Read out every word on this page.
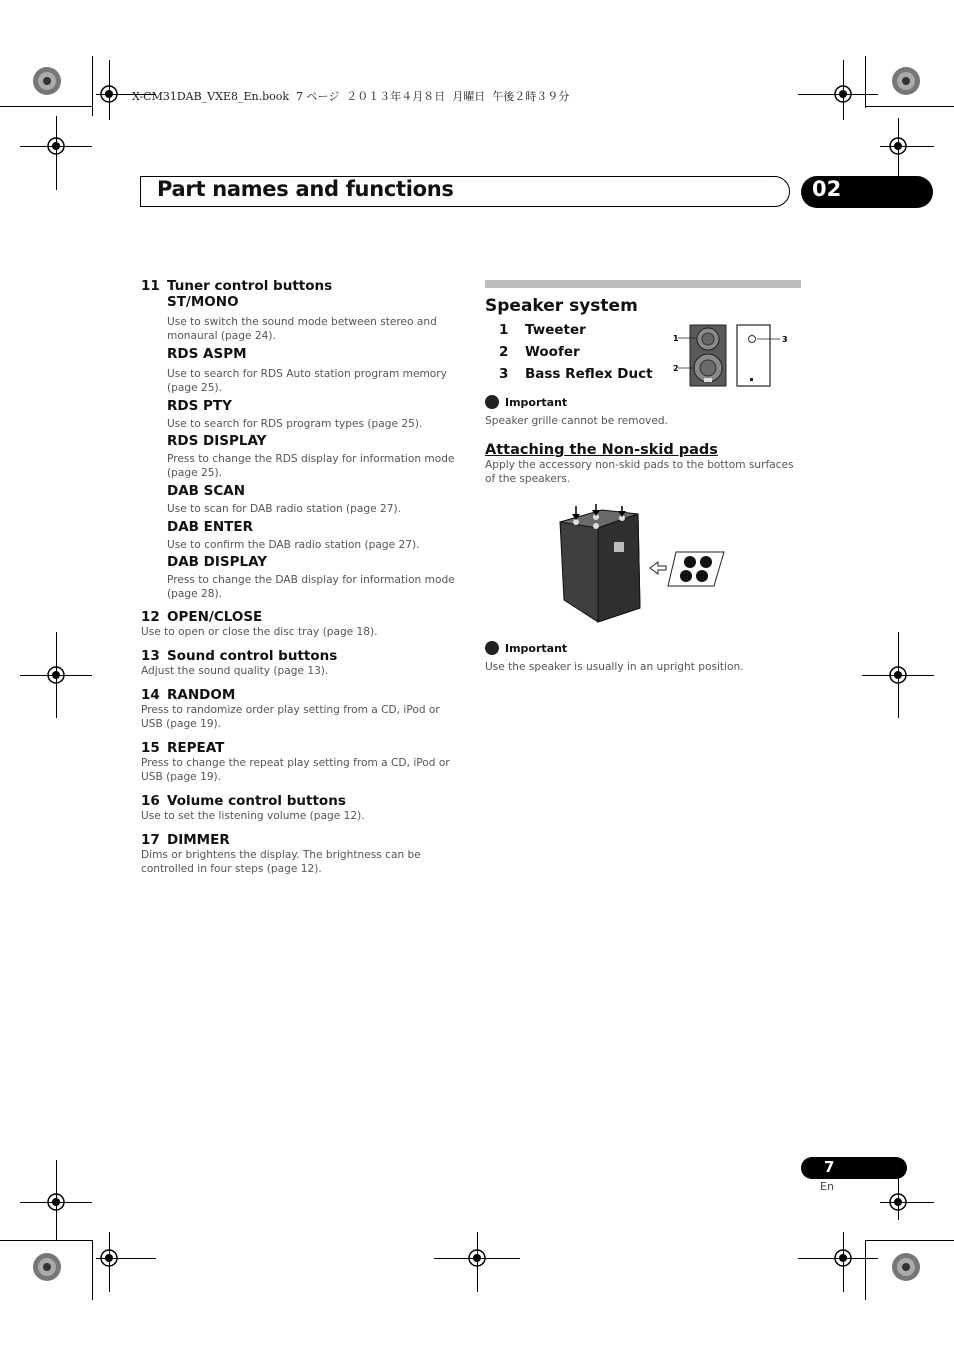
X-CM31DAB_VXE8_En.book  7 ページ  ２０１３年４月８日  月曜日  午後２時３９分
Part names and functions	02
11 Tuner control buttons
ST/MONO
Use to switch the sound mode between stereo and monaural (page 24).
RDS ASPM
Use to search for RDS Auto station program memory (page 25).
RDS PTY
Use to search for RDS program types (page 25).
RDS DISPLAY
Press to change the RDS display for information mode (page 25).
DAB SCAN
Use to scan for DAB radio station (page 27).
DAB ENTER
Use to confirm the DAB radio station (page 27).
DAB DISPLAY
Press to change the DAB display for information mode (page 28).
12 OPEN/CLOSE
Use to open or close the disc tray (page 18).
13 Sound control buttons
Adjust the sound quality (page 13).
14 RANDOM
Press to randomize order play setting from a CD, iPod or USB (page 19).
15 REPEAT
Press to change the repeat play setting from a CD, iPod or USB (page 19).
16 Volume control buttons
Use to set the listening volume (page 12).
17 DIMMER
Dims or brightens the display. The brightness can be controlled in four steps (page 12).
Speaker system
1 Tweeter
2 Woofer
3 Bass Reflex Duct
Important
Speaker grille cannot be removed.
Attaching the Non-skid pads
Apply the accessory non-skid pads to the bottom surfaces of the speakers.
1
2
3
Important
Use the speaker is usually in an upright position.
7
En
